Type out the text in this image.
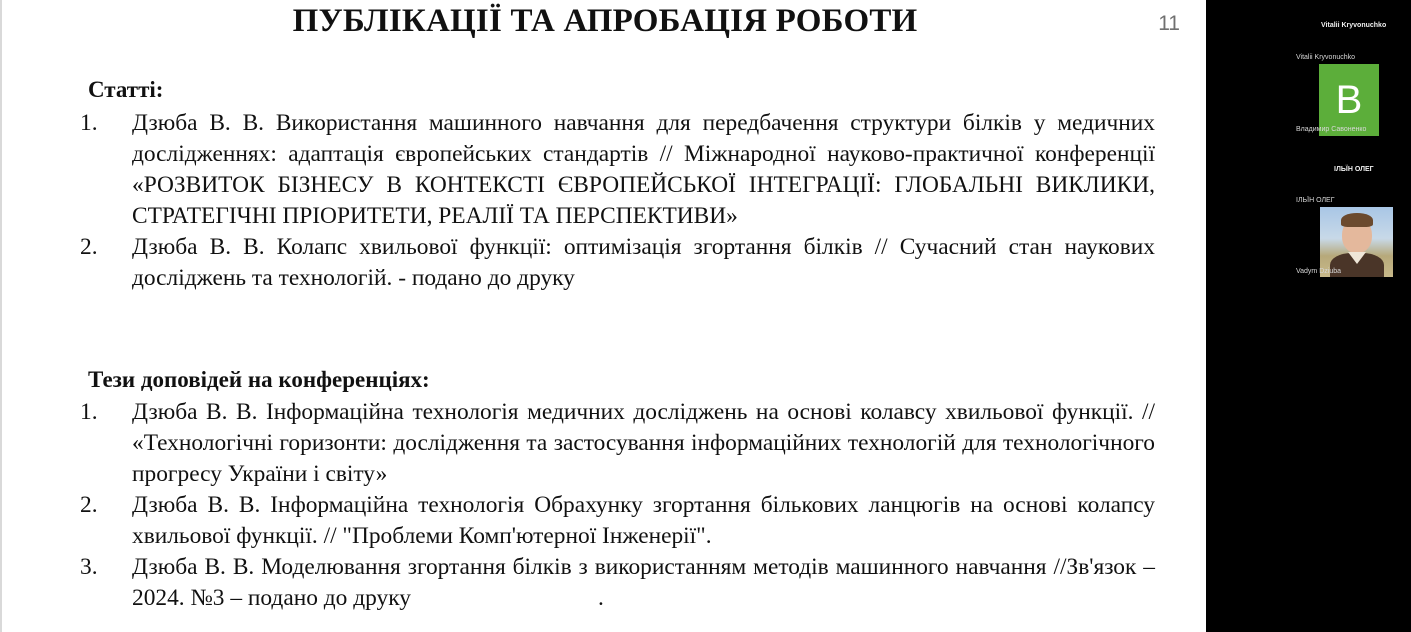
ПУБЛІКАЦІЇ ТА АПРОБАЦІЯ РОБОТИ	11
Статті:
1. Дзюба В. В. Використання машинного навчання для передбачення структури білків у медичних дослідженнях: адаптація європейських стандартів // Міжнародної науково-практичної конференції «РОЗВИТОК БІЗНЕСУ В КОНТЕКСТІ ЄВРОПЕЙСЬКОЇ ІНТЕГРАЦІЇ: ГЛОБАЛЬНІ ВИКЛИКИ, СТРАТЕГІЧНІ ПРІОРИТЕТИ, РЕАЛІЇ ТА ПЕРСПЕКТИВИ»
2. Дзюба В. В. Колапс хвильової функції: оптимізація згортання білків // Сучасний стан наукових досліджень та технологій. - подано до друку
Тези доповідей на конференціях:
1. Дзюба В. В. Інформаційна технологія медичних досліджень на основі колавсу хвильової функції. // «Технологічні горизонти: дослідження та застосування інформаційних технологій для технологічного прогресу України і світу»
2. Дзюба В. В. Інформаційна технологія Обрахунку згортання бількових ланцюгів на основі колапсу хвильової функції. // "Проблеми Комп'ютерної Інженерії".
3. Дзюба В. В. Моделювання згортання білків з використанням методів машинного навчання //Зв'язок – 2024. №3 – подано до друку                                .
Vitalii Kryvonuchko
Vitalii Kryvonuchko
В
Владимир Савоненко
ІЛЬЇН ОЛЕГ
ІЛЬЇН ОЛЕГ
Vadym Dziuba
